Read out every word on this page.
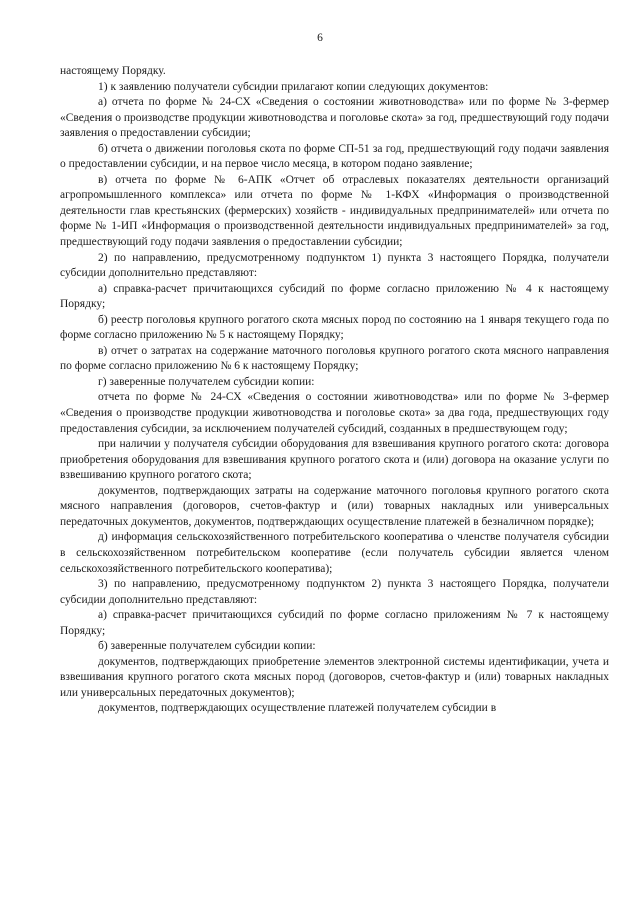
6

настоящему Порядку.

1) к заявлению получатели субсидии прилагают копии следующих документов:

а) отчета по форме № 24-СХ «Сведения о состоянии животноводства» или по форме № 3-фермер «Сведения о производстве продукции животноводства и поголовье скота» за год, предшествующий году подачи заявления о предоставлении субсидии;

б) отчета о движении поголовья скота по форме СП-51 за год, предшествующий году подачи заявления о предоставлении субсидии, и на первое число месяца, в котором подано заявление;

в) отчета по форме № 6-АПК «Отчет об отраслевых показателях деятельности организаций агропромышленного комплекса» или отчета по форме № 1-КФХ «Информация о производственной деятельности глав крестьянских (фермерских) хозяйств - индивидуальных предпринимателей» или отчета по форме № 1-ИП «Информация о производственной деятельности индивидуальных предпринимателей» за год, предшествующий году подачи заявления о предоставлении субсидии;

2) по направлению, предусмотренному подпунктом 1) пункта 3 настоящего Порядка, получатели субсидии дополнительно представляют:

а) справка-расчет причитающихся субсидий по форме согласно приложению № 4 к настоящему Порядку;

б) реестр поголовья крупного рогатого скота мясных пород по состоянию на 1 января текущего года по форме согласно приложению № 5 к настоящему Порядку;

в) отчет о затратах на содержание маточного поголовья крупного рогатого скота мясного направления по форме согласно приложению № 6 к настоящему Порядку;

г) заверенные получателем субсидии копии:

отчета по форме № 24-СХ «Сведения о состоянии животноводства» или по форме № 3-фермер «Сведения о производстве продукции животноводства и поголовье скота» за два года, предшествующих году предоставления субсидии, за исключением получателей субсидий, созданных в предшествующем году;

при наличии у получателя субсидии оборудования для взвешивания крупного рогатого скота: договора приобретения оборудования для взвешивания крупного рогатого скота и (или) договора на оказание услуги по взвешиванию крупного рогатого скота;

документов, подтверждающих затраты на содержание маточного поголовья крупного рогатого скота мясного направления (договоров, счетов-фактур и (или) товарных накладных или универсальных передаточных документов, документов, подтверждающих осуществление платежей в безналичном порядке);

д) информация сельскохозяйственного потребительского кооператива о членстве получателя субсидии в сельскохозяйственном потребительском кооперативе (если получатель субсидии является членом сельскохозяйственного потребительского кооператива);

3) по направлению, предусмотренному подпунктом 2) пункта 3 настоящего Порядка, получатели субсидии дополнительно представляют:

а) справка-расчет причитающихся субсидий по форме согласно приложениям № 7 к настоящему Порядку;

б) заверенные получателем субсидии копии:

документов, подтверждающих приобретение элементов электронной системы идентификации, учета и взвешивания крупного рогатого скота мясных пород (договоров, счетов-фактур и (или) товарных накладных или универсальных передаточных документов);

документов, подтверждающих осуществление платежей получателем субсидии в
